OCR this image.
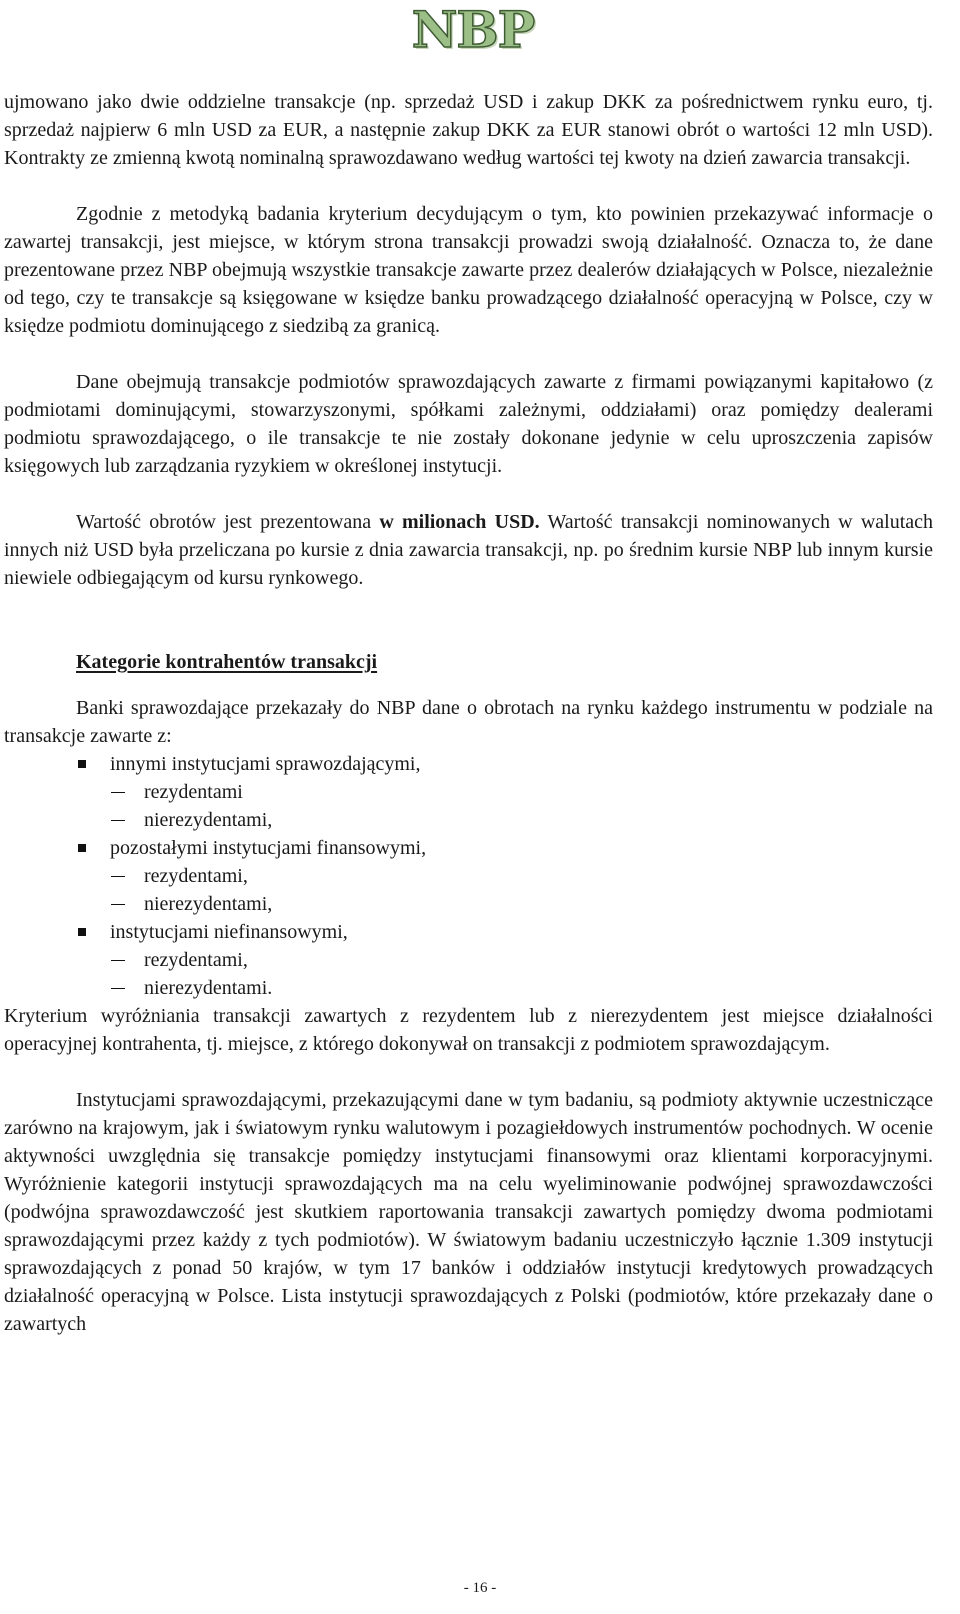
NBP

ujmowano jako dwie oddzielne transakcje (np. sprzedaż USD i zakup DKK za pośrednictwem rynku euro, tj. sprzedaż najpierw 6 mln USD za EUR, a następnie zakup DKK za EUR stanowi obrót o wartości 12 mln USD). Kontrakty ze zmienną kwotą nominalną sprawozdawano według wartości tej kwoty na dzień zawarcia transakcji.

Zgodnie z metodyką badania kryterium decydującym o tym, kto powinien przekazywać informacje o zawartej transakcji, jest miejsce, w którym strona transakcji prowadzi swoją działalność. Oznacza to, że dane prezentowane przez NBP obejmują wszystkie transakcje zawarte przez dealerów działających w Polsce, niezależnie od tego, czy te transakcje są księgowane w księdze banku prowadzącego działalność operacyjną w Polsce, czy w księdze podmiotu dominującego z siedzibą za granicą.

Dane obejmują transakcje podmiotów sprawozdających zawarte z firmami powiązanymi kapitałowo (z podmiotami dominującymi, stowarzyszonymi, spółkami zależnymi, oddziałami) oraz pomiędzy dealerami podmiotu sprawozdającego, o ile transakcje te nie zostały dokonane jedynie w celu uproszczenia zapisów księgowych lub zarządzania ryzykiem w określonej instytucji.

Wartość obrotów jest prezentowana w milionach USD. Wartość transakcji nominowanych w walutach innych niż USD była przeliczana po kursie z dnia zawarcia transakcji, np. po średnim kursie NBP lub innym kursie niewiele odbiegającym od kursu rynkowego.

Kategorie kontrahentów transakcji

Banki sprawozdające przekazały do NBP dane o obrotach na rynku każdego instrumentu w podziale na transakcje zawarte z:

innymi instytucjami sprawozdającymi,
rezydentami
nierezydentami,
pozostałymi instytucjami finansowymi,
rezydentami,
nierezydentami,
instytucjami niefinansowymi,
rezydentami,
nierezydentami.

Kryterium wyróżniania transakcji zawartych z rezydentem lub z nierezydentem jest miejsce działalności operacyjnej kontrahenta, tj. miejsce, z którego dokonywał on transakcji z podmiotem sprawozdającym.

Instytucjami sprawozdającymi, przekazującymi dane w tym badaniu, są podmioty aktywnie uczestniczące zarówno na krajowym, jak i światowym rynku walutowym i pozagiełdowych instrumentów pochodnych. W ocenie aktywności uwzględnia się transakcje pomiędzy instytucjami finansowymi oraz klientami korporacyjnymi. Wyróżnienie kategorii instytucji sprawozdających ma na celu wyeliminowanie podwójnej sprawozdawczości (podwójna sprawozdawczość jest skutkiem raportowania transakcji zawartych pomiędzy dwoma podmiotami sprawozdającymi przez każdy z tych podmiotów). W światowym badaniu uczestniczyło łącznie 1.309 instytucji sprawozdających z ponad 50 krajów, w tym 17 banków i oddziałów instytucji kredytowych prowadzących działalność operacyjną w Polsce. Lista instytucji sprawozdających z Polski (podmiotów, które przekazały dane o zawartych

- 16 -
